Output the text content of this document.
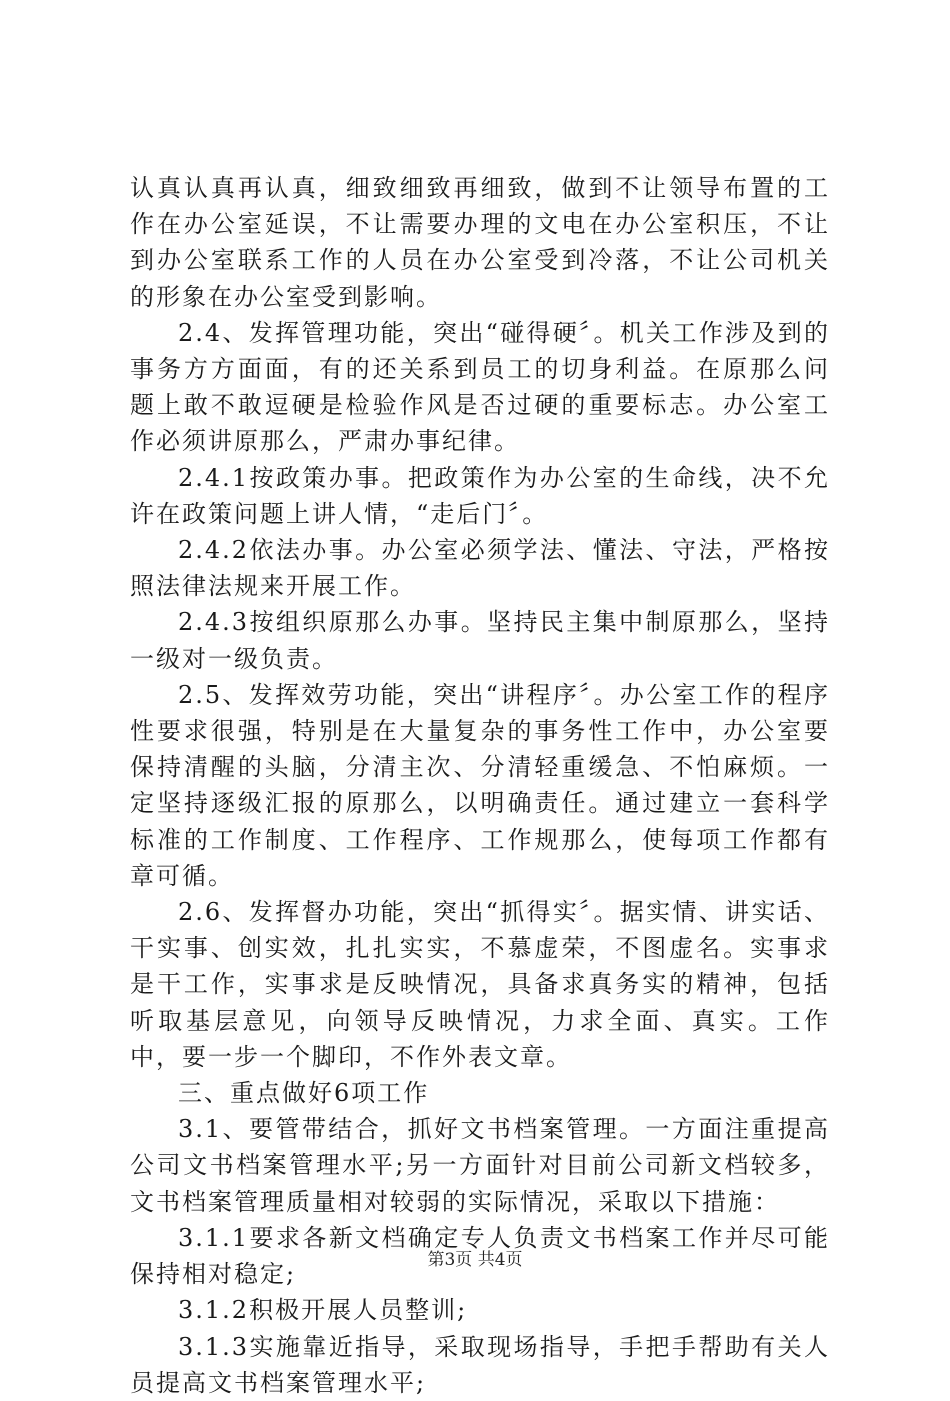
认真认真再认真，细致细致再细致，做到不让领导布置的工作在办公室延误，不让需要办理的文电在办公室积压，不让到办公室联系工作的人员在办公室受到冷落，不让公司机关的形象在办公室受到影响。

2.4、发挥管理功能，突出“碰得硬〞。机关工作涉及到的事务方方面面，有的还关系到员工的切身利益。在原那么问题上敢不敢逗硬是检验作风是否过硬的重要标志。办公室工作必须讲原那么，严肃办事纪律。

2.4.1按政策办事。把政策作为办公室的生命线，决不允许在政策问题上讲人情，“走后门〞。

2.4.2依法办事。办公室必须学法、懂法、守法，严格按照法律法规来开展工作。

2.4.3按组织原那么办事。坚持民主集中制原那么，坚持一级对一级负责。

2.5、发挥效劳功能，突出“讲程序〞。办公室工作的程序性要求很强，特别是在大量复杂的事务性工作中，办公室要保持清醒的头脑，分清主次、分清轻重缓急、不怕麻烦。一定坚持逐级汇报的原那么，以明确责任。通过建立一套科学标准的工作制度、工作程序、工作规那么，使每项工作都有章可循。

2.6、发挥督办功能，突出“抓得实〞。据实情、讲实话、干实事、创实效，扎扎实实，不慕虚荣，不图虚名。实事求是干工作，实事求是反映情况，具备求真务实的精神，包括听取基层意见，向领导反映情况，力求全面、真实。工作中，要一步一个脚印，不作外表文章。

三、重点做好6项工作

3.1、要管带结合，抓好文书档案管理。一方面注重提高公司文书档案管理水平;另一方面针对目前公司新文档较多，文书档案管理质量相对较弱的实际情况，采取以下措施：

3.1.1要求各新文档确定专人负责文书档案工作并尽可能保持相对稳定;

3.1.2积极开展人员整训;

3.1.3实施靠近指导，采取现场指导，手把手帮助有关人员提高文书档案管理水平;

第3页 共4页
